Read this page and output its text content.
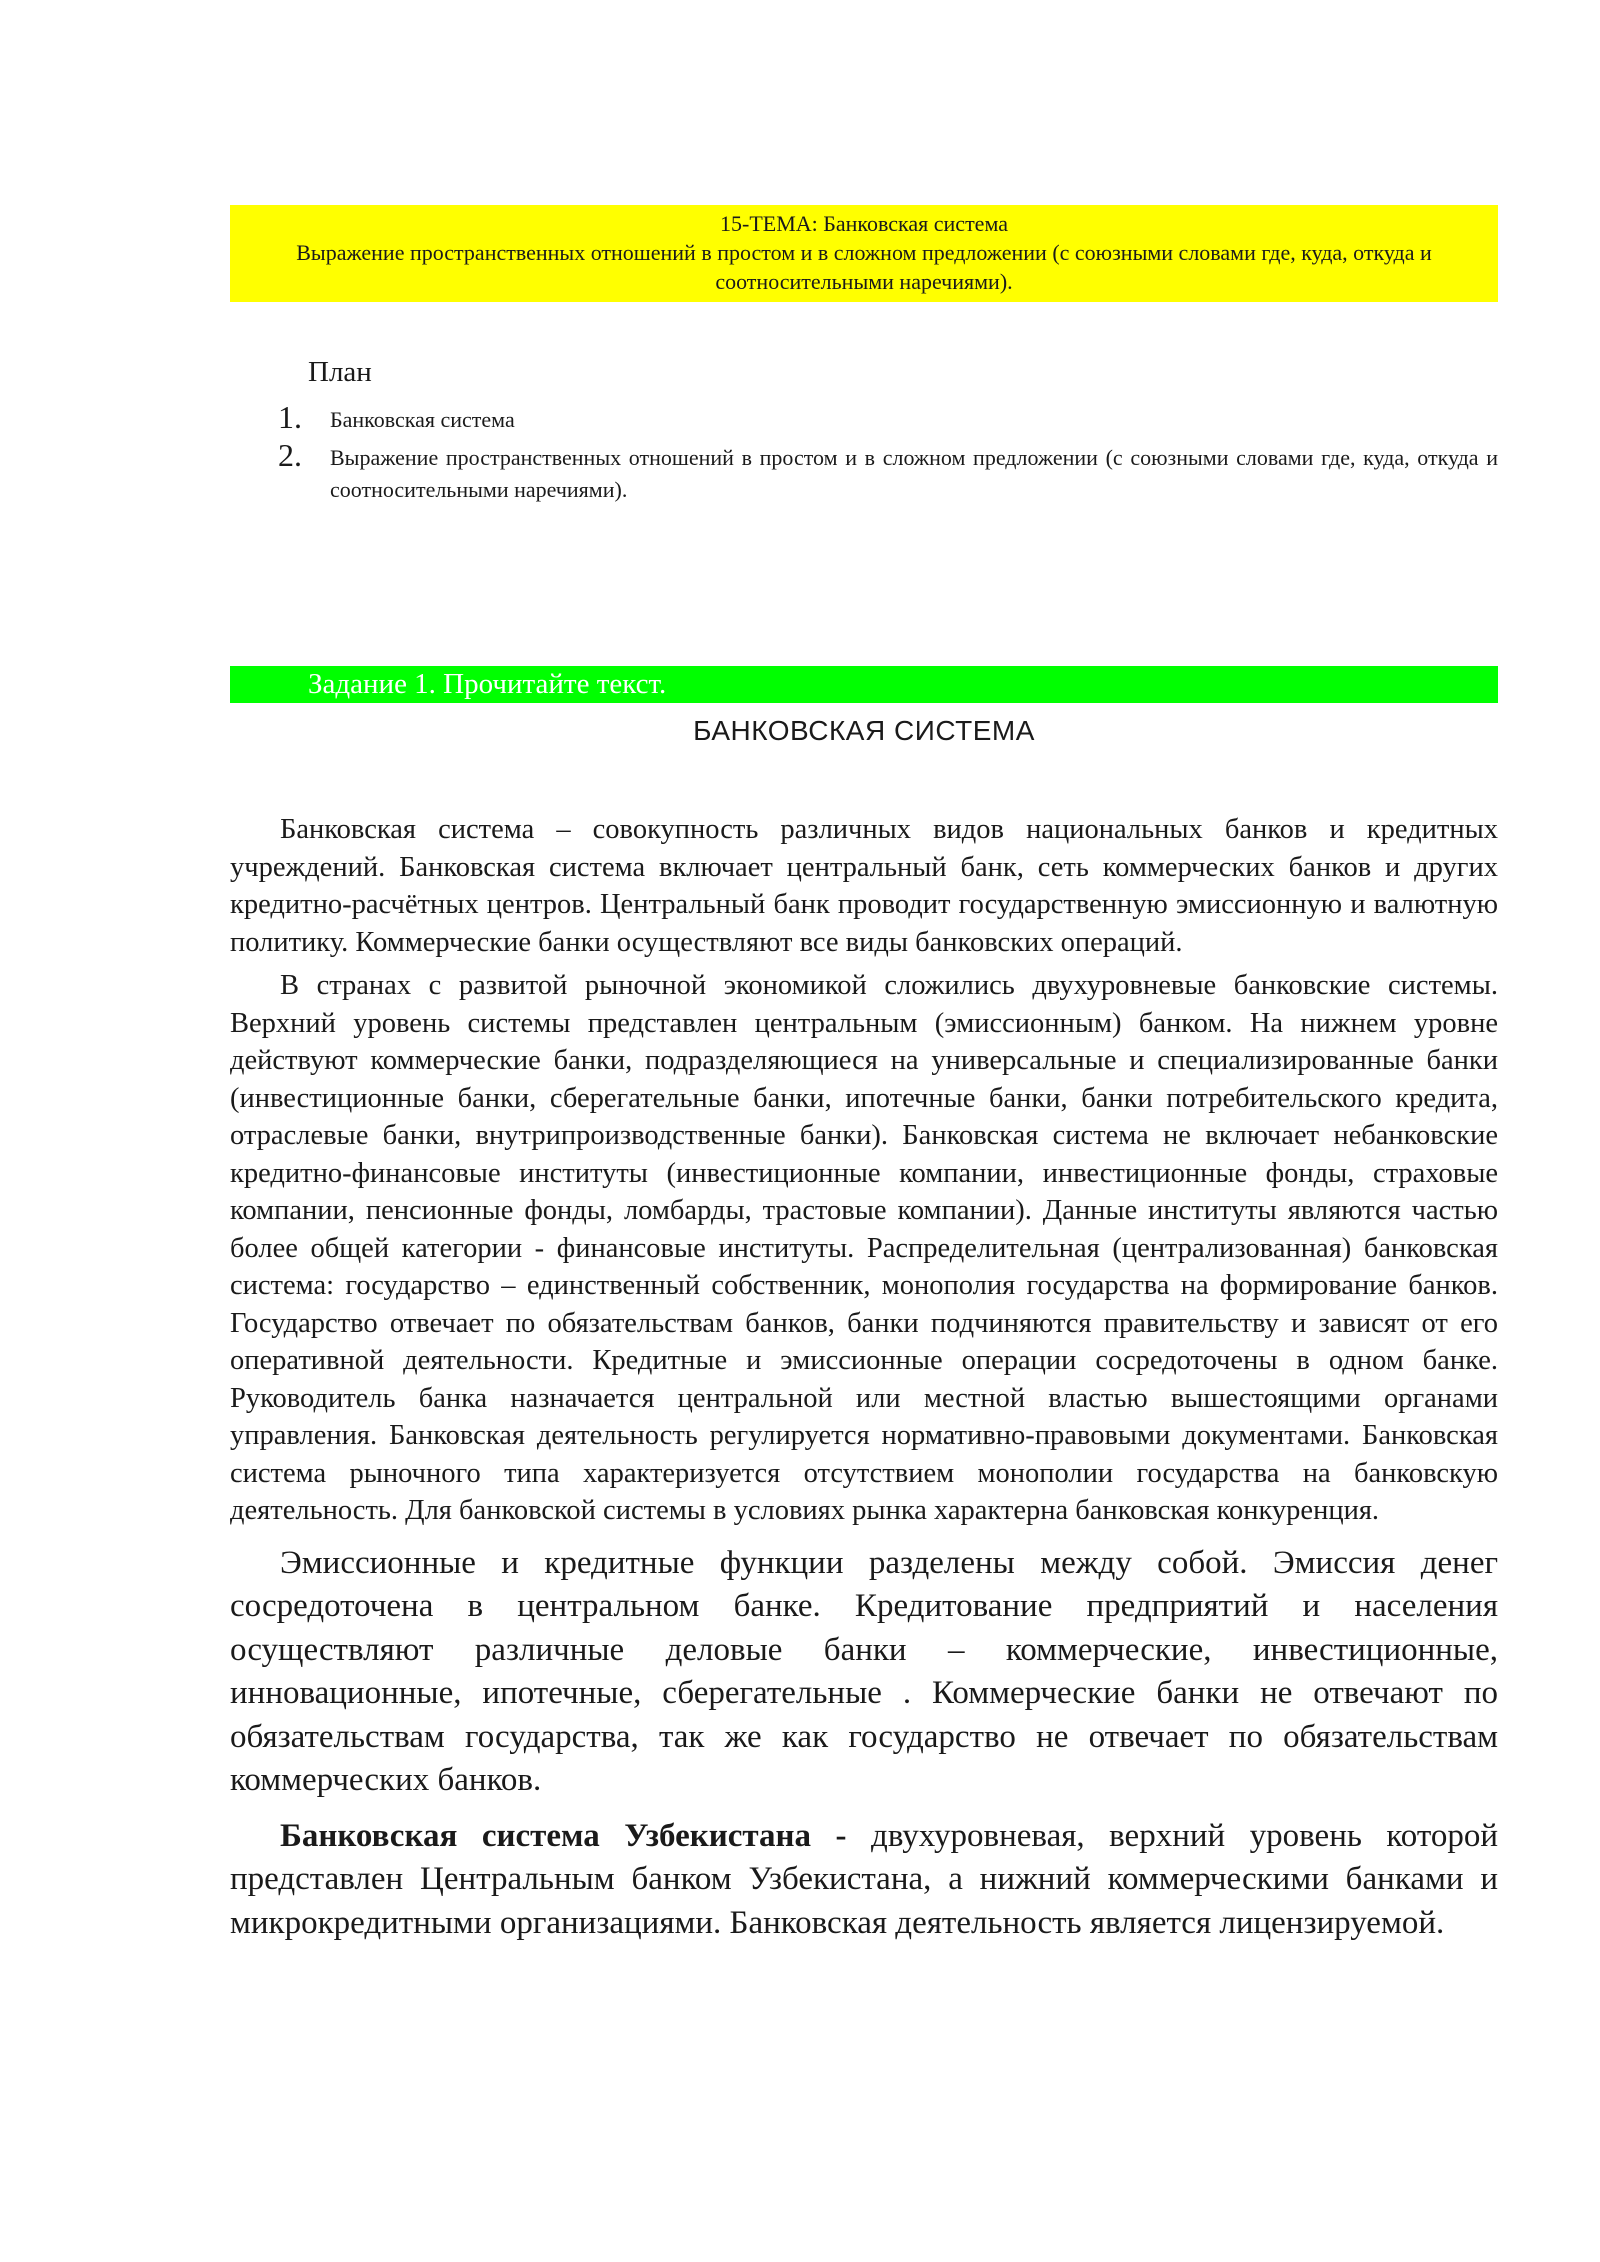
15-ТЕМА: Банковская система
Выражение пространственных отношений в простом и в сложном предложении (с союзными словами где, куда, откуда и соотносительными наречиями).
План
1. Банковская система
2. Выражение пространственных отношений в простом и в сложном предложении (с союзными словами где, куда, откуда и соотносительными наречиями).
Задание 1. Прочитайте текст.
БАНКОВСКАЯ СИСТЕМА

Банковская система – совокупность различных видов национальных банков и кредитных учреждений. Банковская система включает центральный банк, сеть коммерческих банков и других кредитно-расчётных центров. Центральный банк проводит государственную эмиссионную и валютную политику. Коммерческие банки осуществляют все виды банковских операций.

В странах с развитой рыночной экономикой сложились двухуровневые банковские системы. Верхний уровень системы представлен центральным (эмиссионным) банком. На нижнем уровне действуют коммерческие банки, подразделяющиеся на универсальные и специализированные банки (инвестиционные банки, сберегательные банки, ипотечные банки, банки потребительского кредита, отраслевые банки, внутрипроизводственные банки). Банковская система не включает небанковские кредитно-финансовые институты (инвестиционные компании, инвестиционные фонды, страховые компании, пенсионные фонды, ломбарды, трастовые компании). Данные институты являются частью более общей категории - финансовые институты. Распределительная (централизованная) банковская система: государство – единственный собственник, монополия государства на формирование банков. Государство отвечает по обязательствам банков, банки подчиняются правительству и зависят от его оперативной деятельности. Кредитные и эмиссионные операции сосредоточены в одном банке. Руководитель банка назначается центральной или местной властью вышестоящими органами управления. Банковская деятельность регулируется нормативно-правовыми документами. Банковская система рыночного типа характеризуется отсутствием монополии государства на банковскую деятельность. Для банковской системы в условиях рынка характерна банковская конкуренция.

Эмиссионные и кредитные функции разделены между собой. Эмиссия денег сосредоточена в центральном банке. Кредитование предприятий и населения осуществляют различные деловые банки – коммерческие, инвестиционные, инновационные, ипотечные, сберегательные . Коммерческие банки не отвечают по обязательствам государства, так же как государство не отвечает по обязательствам коммерческих банков.

Банковская система Узбекистана - двухуровневая, верхний уровень которой представлен Центральным банком Узбекистана, а нижний коммерческими банками и микрокредитными организациями. Банковская деятельность является лицензируемой.
